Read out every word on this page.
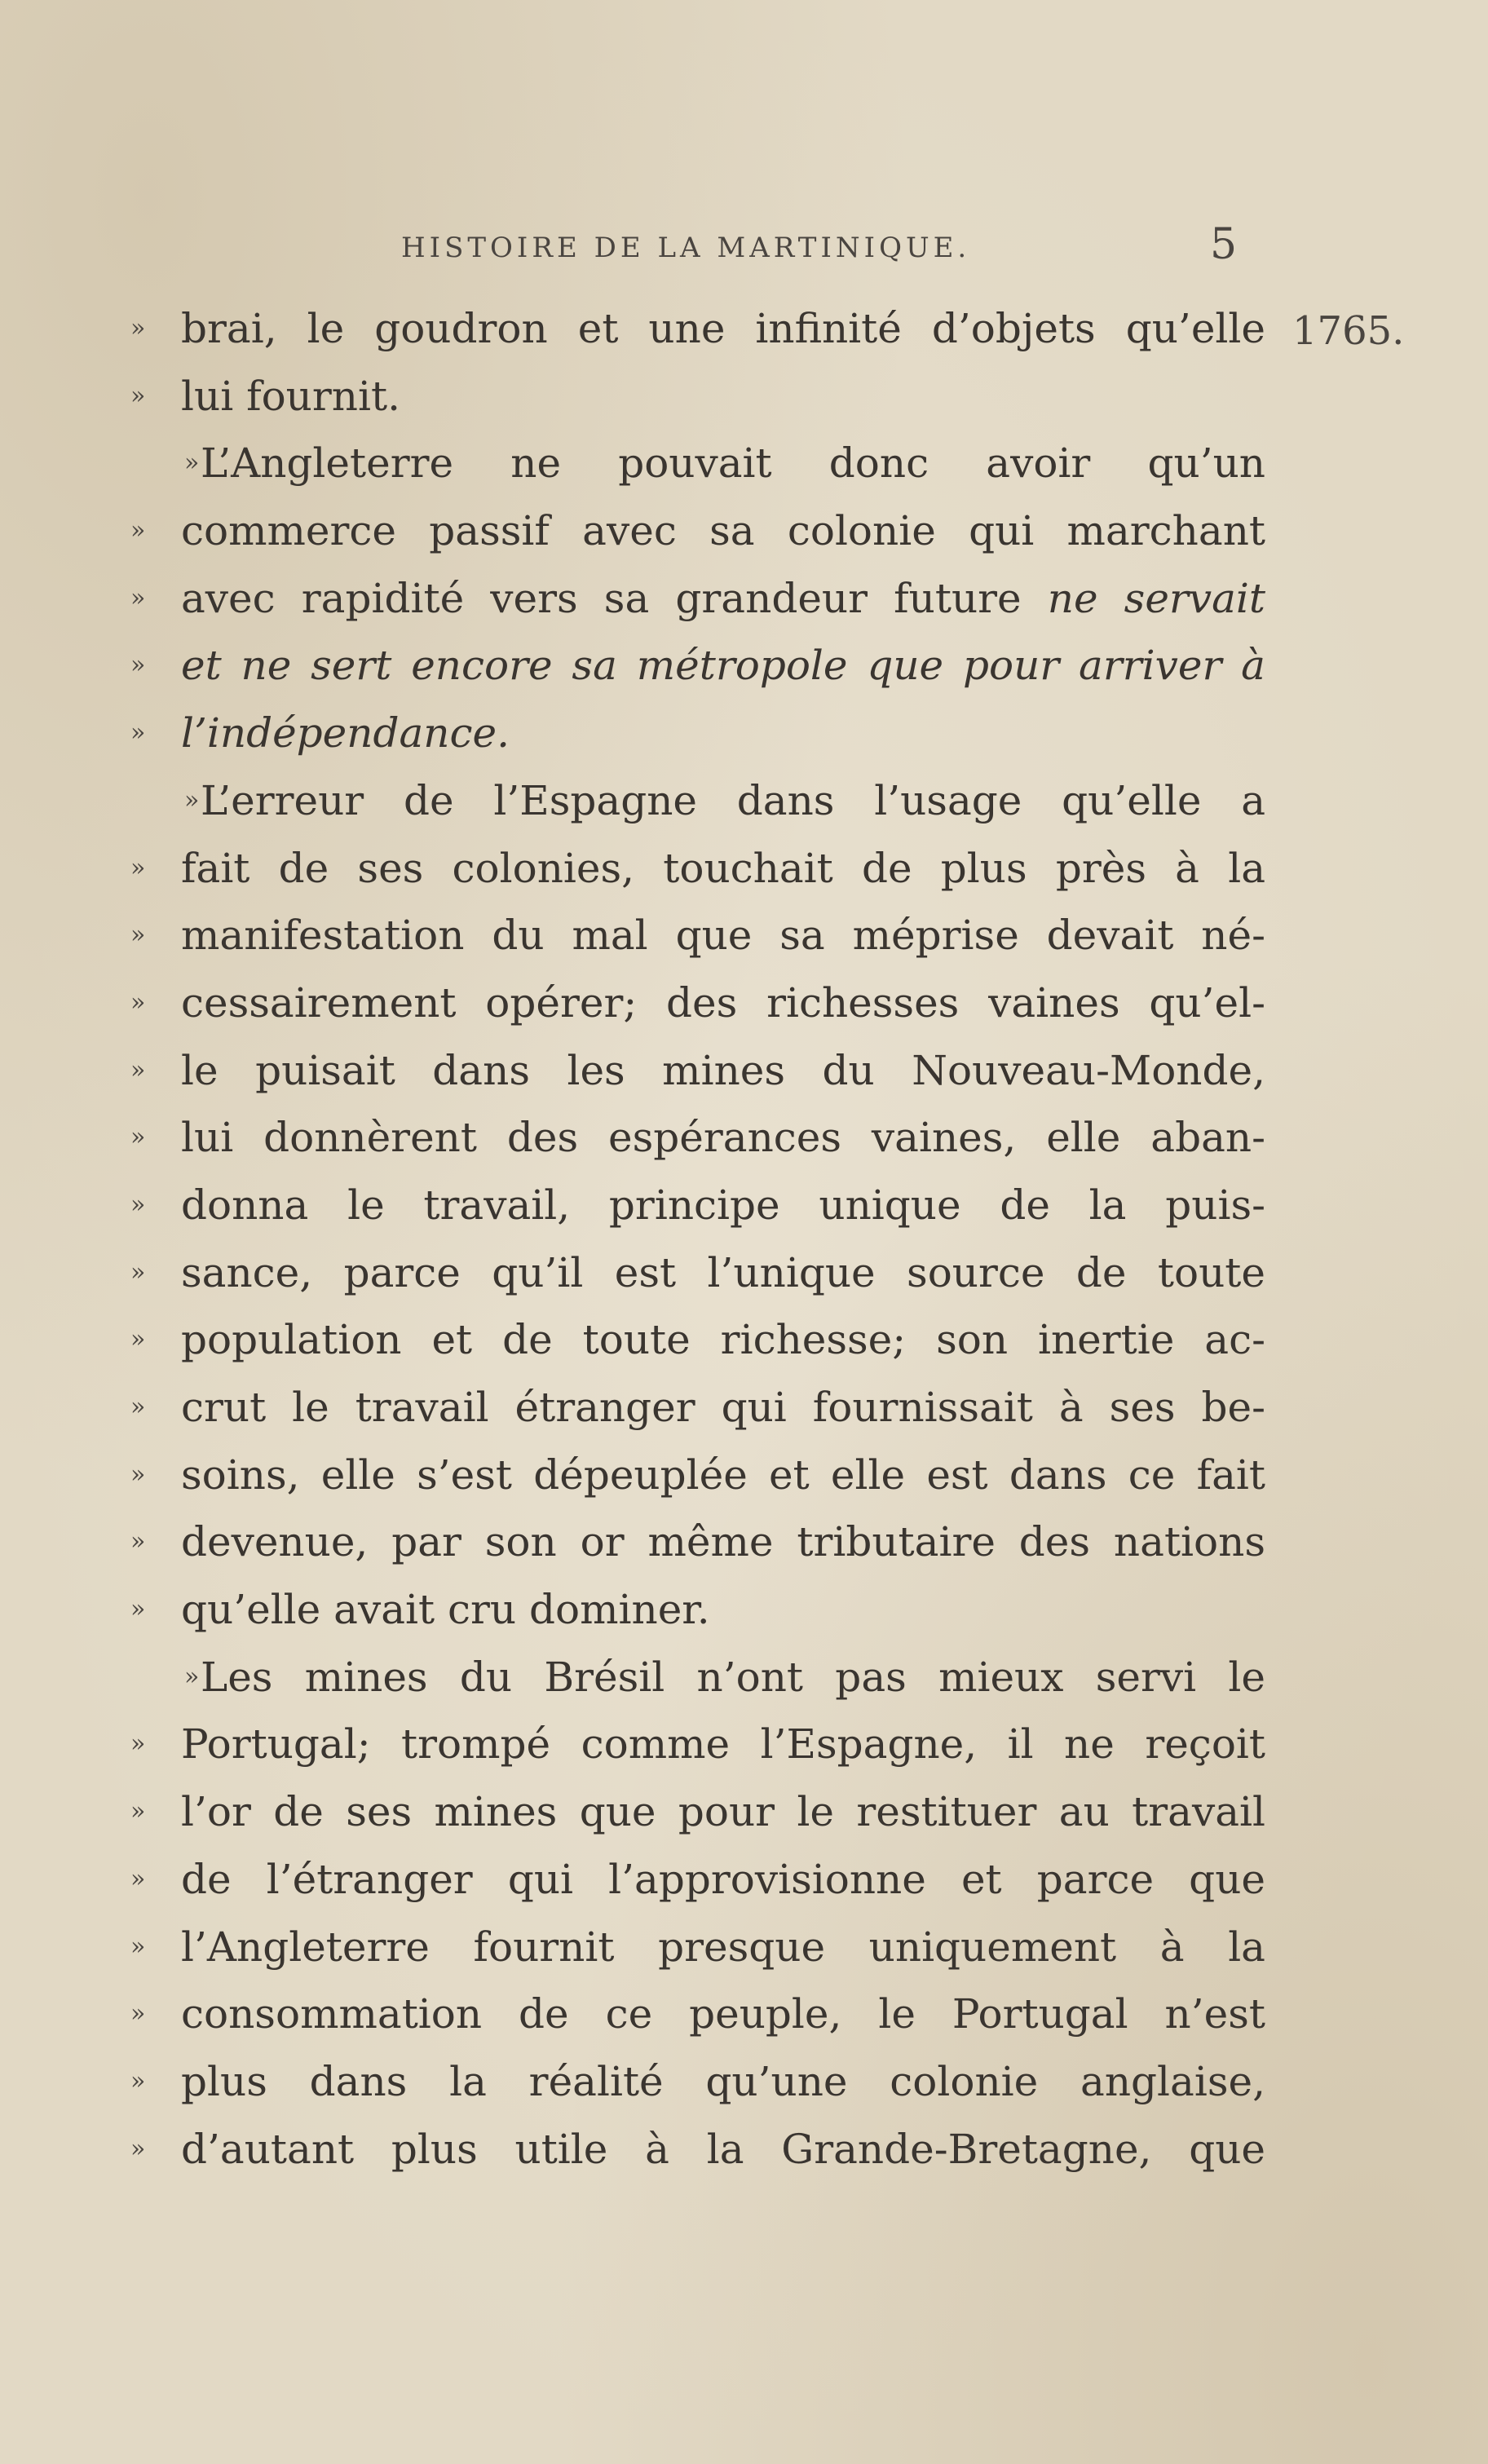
HISTOIRE DE LA MARTINIQUE.	5
1765.
» brai, le goudron et une infinité d’objets qu’elle
» lui fournit.
» L’Angleterre ne pouvait donc avoir qu’un
» commerce passif avec sa colonie qui marchant
» avec rapidité vers sa grandeur future ne servait
» et ne sert encore sa métropole que pour arriver à
» l’indépendance.
» L’erreur de l’Espagne dans l’usage qu’elle a
» fait de ses colonies, touchait de plus près à la
» manifestation du mal que sa méprise devait né-
» cessairement opérer; des richesses vaines qu’el-
» le puisait dans les mines du Nouveau-Monde,
» lui donnèrent des espérances vaines, elle aban-
» donna le travail, principe unique de la puis-
» sance, parce qu’il est l’unique source de toute
» population et de toute richesse; son inertie ac-
» crut le travail étranger qui fournissait à ses be-
» soins, elle s’est dépeuplée et elle est dans ce fait
» devenue, par son or même tributaire des nations
» qu’elle avait cru dominer.
» Les mines du Brésil n’ont pas mieux servi le
» Portugal; trompé comme l’Espagne, il ne reçoit
» l’or de ses mines que pour le restituer au travail
» de l’étranger qui l’approvisionne et parce que
» l’Angleterre fournit presque uniquement à la
» consommation de ce peuple, le Portugal n’est
» plus dans la réalité qu’une colonie anglaise,
» d’autant plus utile à la Grande-Bretagne, que
